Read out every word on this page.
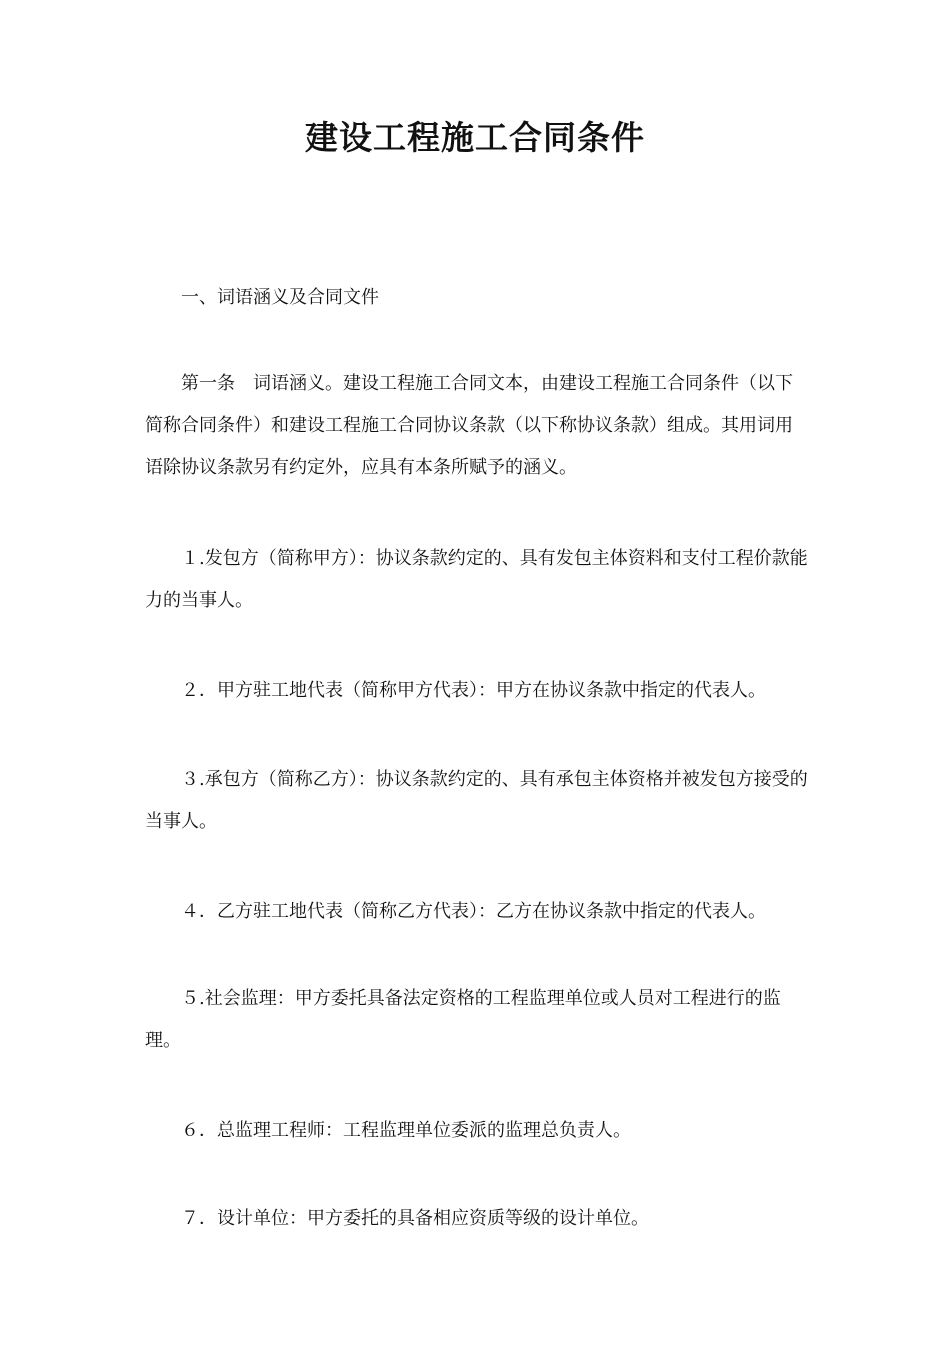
建设工程施工合同条件

一、词语涵义及合同文件

第一条　词语涵义。建设工程施工合同文本，由建设工程施工合同条件（以下简称合同条件）和建设工程施工合同协议条款（以下称协议条款）组成。其用词用语除协议条款另有约定外，应具有本条所赋予的涵义。

１.发包方（简称甲方）：协议条款约定的、具有发包主体资料和支付工程价款能力的当事人。

２．甲方驻工地代表（简称甲方代表）：甲方在协议条款中指定的代表人。

３.承包方（简称乙方）：协议条款约定的、具有承包主体资格并被发包方接受的当事人。

４．乙方驻工地代表（简称乙方代表）：乙方在协议条款中指定的代表人。

５.社会监理：甲方委托具备法定资格的工程监理单位或人员对工程进行的监理。

６．总监理工程师：工程监理单位委派的监理总负责人。

７．设计单位：甲方委托的具备相应资质等级的设计单位。
